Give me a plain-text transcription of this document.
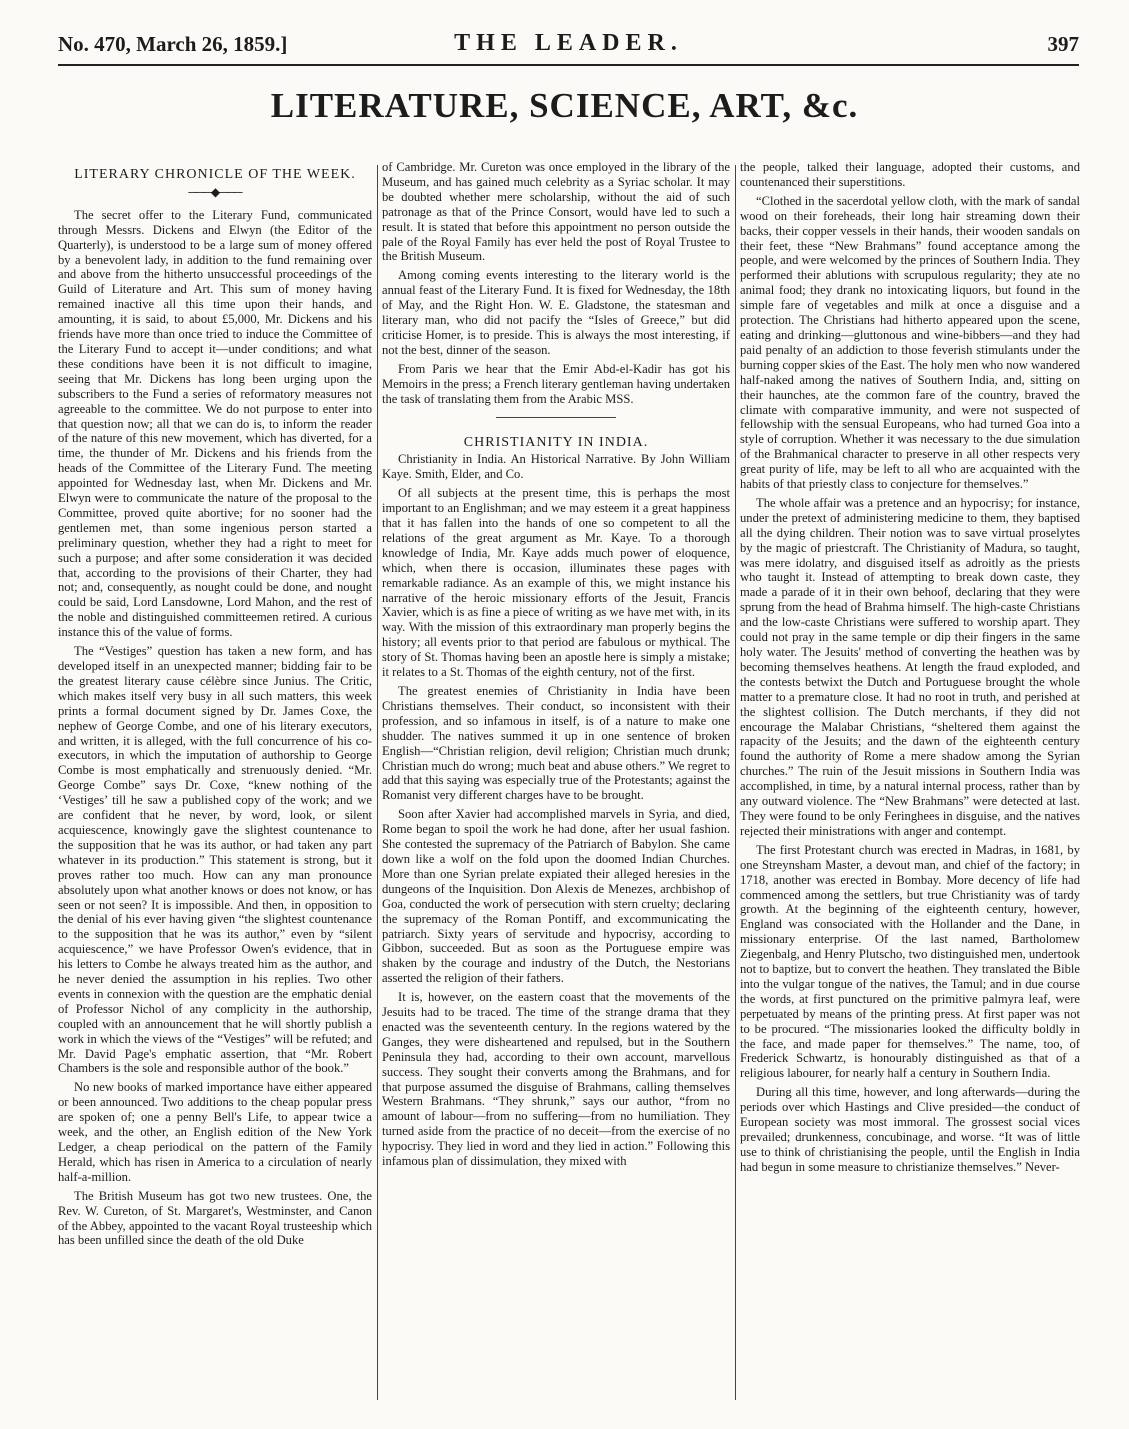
No. 470, March 26, 1859.]	THE LEADER.	397
LITERATURE, SCIENCE, ART, &c.
LITERARY CHRONICLE OF THE WEEK.
───◆───

The secret offer to the Literary Fund, communicated through Messrs. Dickens and Elwyn (the Editor of the Quarterly), is understood to be a large sum of money offered by a benevolent lady, in addition to the fund remaining over and above from the hitherto unsuccessful proceedings of the Guild of Literature and Art. This sum of money having remained inactive all this time upon their hands, and amounting, it is said, to about £5,000, Mr. Dickens and his friends have more than once tried to induce the Committee of the Literary Fund to accept it—under conditions; and what these conditions have been it is not difficult to imagine, seeing that Mr. Dickens has long been urging upon the subscribers to the Fund a series of reformatory measures not agreeable to the committee. We do not purpose to enter into that question now; all that we can do is, to inform the reader of the nature of this new movement, which has diverted, for a time, the thunder of Mr. Dickens and his friends from the heads of the Committee of the Literary Fund. The meeting appointed for Wednesday last, when Mr. Dickens and Mr. Elwyn were to communicate the nature of the proposal to the Committee, proved quite abortive; for no sooner had the gentlemen met, than some ingenious person started a preliminary question, whether they had a right to meet for such a purpose; and after some consideration it was decided that, according to the provisions of their Charter, they had not; and, consequently, as nought could be done, and nought could be said, Lord Lansdowne, Lord Mahon, and the rest of the noble and distinguished committeemen retired. A curious instance this of the value of forms.

The “Vestiges” question has taken a new form, and has developed itself in an unexpected manner; bidding fair to be the greatest literary cause célèbre since Junius. The Critic, which makes itself very busy in all such matters, this week prints a formal document signed by Dr. James Coxe, the nephew of George Combe, and one of his literary executors, and written, it is alleged, with the full concurrence of his co-executors, in which the imputation of authorship to George Combe is most emphatically and strenuously denied. “Mr. George Combe” says Dr. Coxe, “knew nothing of the ‘Vestiges’ till he saw a published copy of the work; and we are confident that he never, by word, look, or silent acquiescence, knowingly gave the slightest countenance to the supposition that he was its author, or had taken any part whatever in its production.” This statement is strong, but it proves rather too much. How can any man pronounce absolutely upon what another knows or does not know, or has seen or not seen? It is impossible. And then, in opposition to the denial of his ever having given “the slightest countenance to the supposition that he was its author,” even by “silent acquiescence,” we have Professor Owen's evidence, that in his letters to Combe he always treated him as the author, and he never denied the assumption in his replies. Two other events in connexion with the question are the emphatic denial of Professor Nichol of any complicity in the authorship, coupled with an announcement that he will shortly publish a work in which the views of the “Vestiges” will be refuted; and Mr. David Page's emphatic assertion, that “Mr. Robert Chambers is the sole and responsible author of the book.”

No new books of marked importance have either appeared or been announced. Two additions to the cheap popular press are spoken of; one a penny Bell's Life, to appear twice a week, and the other, an English edition of the New York Ledger, a cheap periodical on the pattern of the Family Herald, which has risen in America to a circulation of nearly half-a-million.

The British Museum has got two new trustees. One, the Rev. W. Cureton, of St. Margaret's, Westminster, and Canon of the Abbey, appointed to the vacant Royal trusteeship which has been unfilled since the death of the old Duke

of Cambridge. Mr. Cureton was once employed in the library of the Museum, and has gained much celebrity as a Syriac scholar. It may be doubted whether mere scholarship, without the aid of such patronage as that of the Prince Consort, would have led to such a result. It is stated that before this appointment no person outside the pale of the Royal Family has ever held the post of Royal Trustee to the British Museum.

Among coming events interesting to the literary world is the annual feast of the Literary Fund. It is fixed for Wednesday, the 18th of May, and the Right Hon. W. E. Gladstone, the statesman and literary man, who did not pacify the “Isles of Greece,” but did criticise Homer, is to preside. This is always the most interesting, if not the best, dinner of the season.

From Paris we hear that the Emir Abd-el-Kadir has got his Memoirs in the press; a French literary gentleman having undertaken the task of translating them from the Arabic MSS.

CHRISTIANITY IN INDIA.

Christianity in India. An Historical Narrative. By John William Kaye. Smith, Elder, and Co.

Of all subjects at the present time, this is perhaps the most important to an Englishman; and we may esteem it a great happiness that it has fallen into the hands of one so competent to all the relations of the great argument as Mr. Kaye. To a thorough knowledge of India, Mr. Kaye adds much power of eloquence, which, when there is occasion, illuminates these pages with remarkable radiance. As an example of this, we might instance his narrative of the heroic missionary efforts of the Jesuit, Francis Xavier, which is as fine a piece of writing as we have met with, in its way. With the mission of this extraordinary man properly begins the history; all events prior to that period are fabulous or mythical. The story of St. Thomas having been an apostle here is simply a mistake; it relates to a St. Thomas of the eighth century, not of the first.

The greatest enemies of Christianity in India have been Christians themselves. Their conduct, so inconsistent with their profession, and so infamous in itself, is of a nature to make one shudder. The natives summed it up in one sentence of broken English—“Christian religion, devil religion; Christian much drunk; Christian much do wrong; much beat and abuse others.” We regret to add that this saying was especially true of the Protestants; against the Romanist very different charges have to be brought.

Soon after Xavier had accomplished marvels in Syria, and died, Rome began to spoil the work he had done, after her usual fashion. She contested the supremacy of the Patriarch of Babylon. She came down like a wolf on the fold upon the doomed Indian Churches. More than one Syrian prelate expiated their alleged heresies in the dungeons of the Inquisition. Don Alexis de Menezes, archbishop of Goa, conducted the work of persecution with stern cruelty; declaring the supremacy of the Roman Pontiff, and excommunicating the patriarch. Sixty years of servitude and hypocrisy, according to Gibbon, succeeded. But as soon as the Portuguese empire was shaken by the courage and industry of the Dutch, the Nestorians asserted the religion of their fathers.

It is, however, on the eastern coast that the movements of the Jesuits had to be traced. The time of the strange drama that they enacted was the seventeenth century. In the regions watered by the Ganges, they were disheartened and repulsed, but in the Southern Peninsula they had, according to their own account, marvellous success. They sought their converts among the Brahmans, and for that purpose assumed the disguise of Brahmans, calling themselves Western Brahmans. “They shrunk,” says our author, “from no amount of labour—from no suffering—from no humiliation. They turned aside from the practice of no deceit—from the exercise of no hypocrisy. They lied in word and they lied in action.” Following this infamous plan of dissimulation, they mixed with

the people, talked their language, adopted their customs, and countenanced their superstitions.

“Clothed in the sacerdotal yellow cloth, with the mark of sandal wood on their foreheads, their long hair streaming down their backs, their copper vessels in their hands, their wooden sandals on their feet, these “New Brahmans” found acceptance among the people, and were welcomed by the princes of Southern India. They performed their ablutions with scrupulous regularity; they ate no animal food; they drank no intoxicating liquors, but found in the simple fare of vegetables and milk at once a disguise and a protection. The Christians had hitherto appeared upon the scene, eating and drinking—gluttonous and wine-bibbers—and they had paid penalty of an addiction to those feverish stimulants under the burning copper skies of the East. The holy men who now wandered half-naked among the natives of Southern India, and, sitting on their haunches, ate the common fare of the country, braved the climate with comparative immunity, and were not suspected of fellowship with the sensual Europeans, who had turned Goa into a style of corruption. Whether it was necessary to the due simulation of the Brahmanical character to preserve in all other respects very great purity of life, may be left to all who are acquainted with the habits of that priestly class to conjecture for themselves.”

The whole affair was a pretence and an hypocrisy; for instance, under the pretext of administering medicine to them, they baptised all the dying children. Their notion was to save virtual proselytes by the magic of priestcraft. The Christianity of Madura, so taught, was mere idolatry, and disguised itself as adroitly as the priests who taught it. Instead of attempting to break down caste, they made a parade of it in their own behoof, declaring that they were sprung from the head of Brahma himself. The high-caste Christians and the low-caste Christians were suffered to worship apart. They could not pray in the same temple or dip their fingers in the same holy water. The Jesuits' method of converting the heathen was by becoming themselves heathens. At length the fraud exploded, and the contests betwixt the Dutch and Portuguese brought the whole matter to a premature close. It had no root in truth, and perished at the slightest collision. The Dutch merchants, if they did not encourage the Malabar Christians, “sheltered them against the rapacity of the Jesuits; and the dawn of the eighteenth century found the authority of Rome a mere shadow among the Syrian churches.” The ruin of the Jesuit missions in Southern India was accomplished, in time, by a natural internal process, rather than by any outward violence. The “New Brahmans” were detected at last. They were found to be only Feringhees in disguise, and the natives rejected their ministrations with anger and contempt.

The first Protestant church was erected in Madras, in 1681, by one Streynsham Master, a devout man, and chief of the factory; in 1718, another was erected in Bombay. More decency of life had commenced among the settlers, but true Christianity was of tardy growth. At the beginning of the eighteenth century, however, England was consociated with the Hollander and the Dane, in missionary enterprise. Of the last named, Bartholomew Ziegenbalg, and Henry Plutscho, two distinguished men, undertook not to baptize, but to convert the heathen. They translated the Bible into the vulgar tongue of the natives, the Tamul; and in due course the words, at first punctured on the primitive palmyra leaf, were perpetuated by means of the printing press. At first paper was not to be procured. “The missionaries looked the difficulty boldly in the face, and made paper for themselves.” The name, too, of Frederick Schwartz, is honourably distinguished as that of a religious labourer, for nearly half a century in Southern India.

During all this time, however, and long afterwards—during the periods over which Hastings and Clive presided—the conduct of European society was most immoral. The grossest social vices prevailed; drunkenness, concubinage, and worse. “It was of little use to think of christianising the people, until the English in India had begun in some measure to christianize themselves.” Never-
